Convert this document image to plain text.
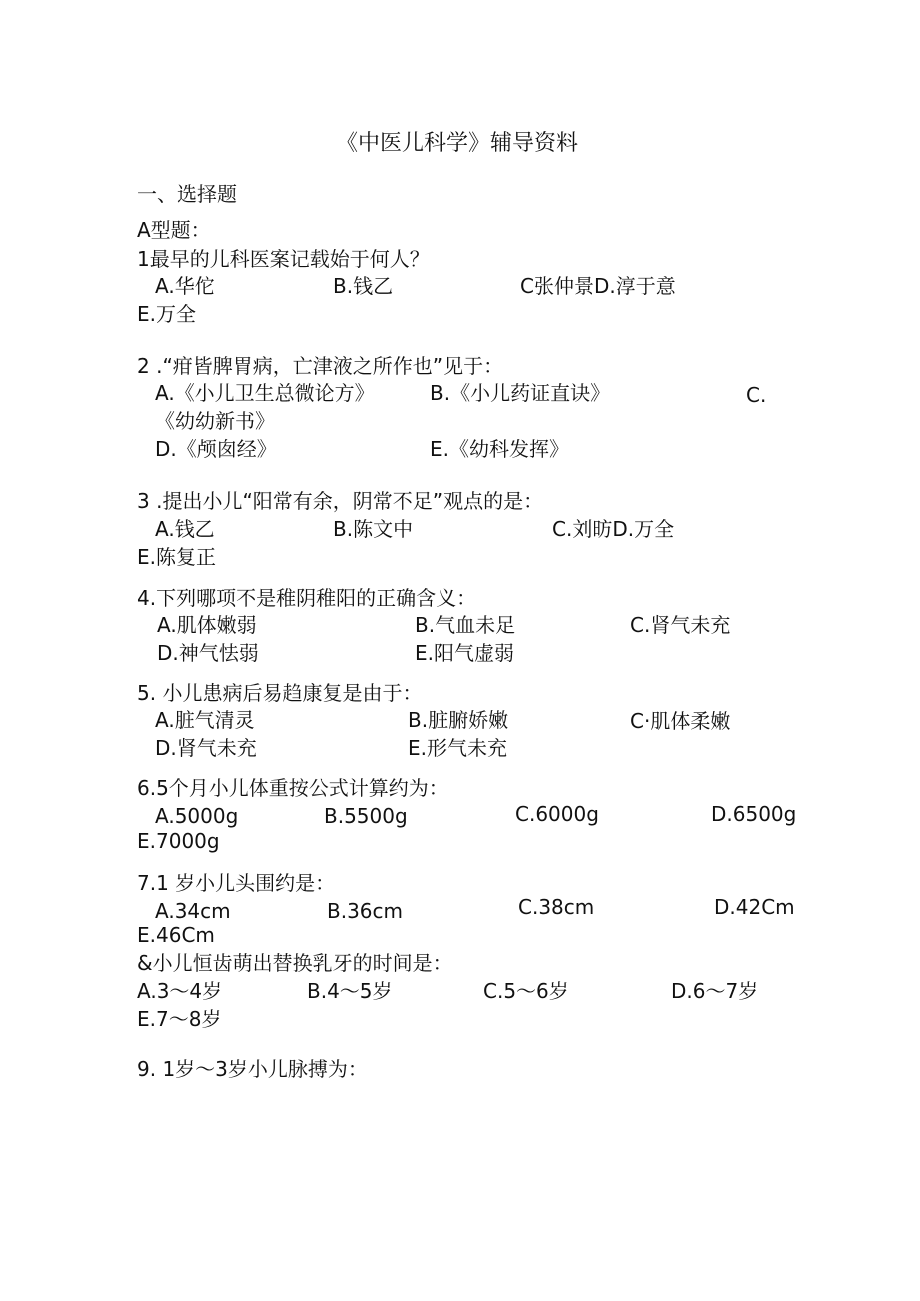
《中医儿科学》辅导资料
一、选择题
A型题：
1最早的儿科医案记载始于何人？
A.华佗	B.钱乙	C张仲景D.淳于意
E.万全
2 .“疳皆脾胃病，亡津液之所作也”见于：
A.《小儿卫生总微论方》	B.《小儿药证直诀》	C.
《幼幼新书》
D.《颅囱经》	E.《幼科发挥》
3 .提出小儿“阳常有余，阴常不足”观点的是：
A.钱乙	B.陈文中	C.刘昉D.万全
E.陈复正
4.下列哪项不是稚阴稚阳的正确含义：
A.肌体嫩弱	B.气血未足	C.肾气未充
D.神气怯弱	E.阳气虚弱
5. 小儿患病后易趋康复是由于：
A.脏气清灵	B.脏腑娇嫩	C·肌体柔嫩
D.肾气未充	E.形气未充
6.5个月小儿体重按公式计算约为：
A.5000g	B.5500g	C.6000g	D.6500g
E.7000g
7.1 岁小儿头围约是：
A.34cm	B.36cm	C.38cm	D.42Cm
E.46Cm
&小儿恒齿萌出替换乳牙的时间是：
A.3～4岁	B.4～5岁	C.5～6岁	D.6～7岁
E.7～8岁
9. 1岁～3岁小儿脉搏为：
